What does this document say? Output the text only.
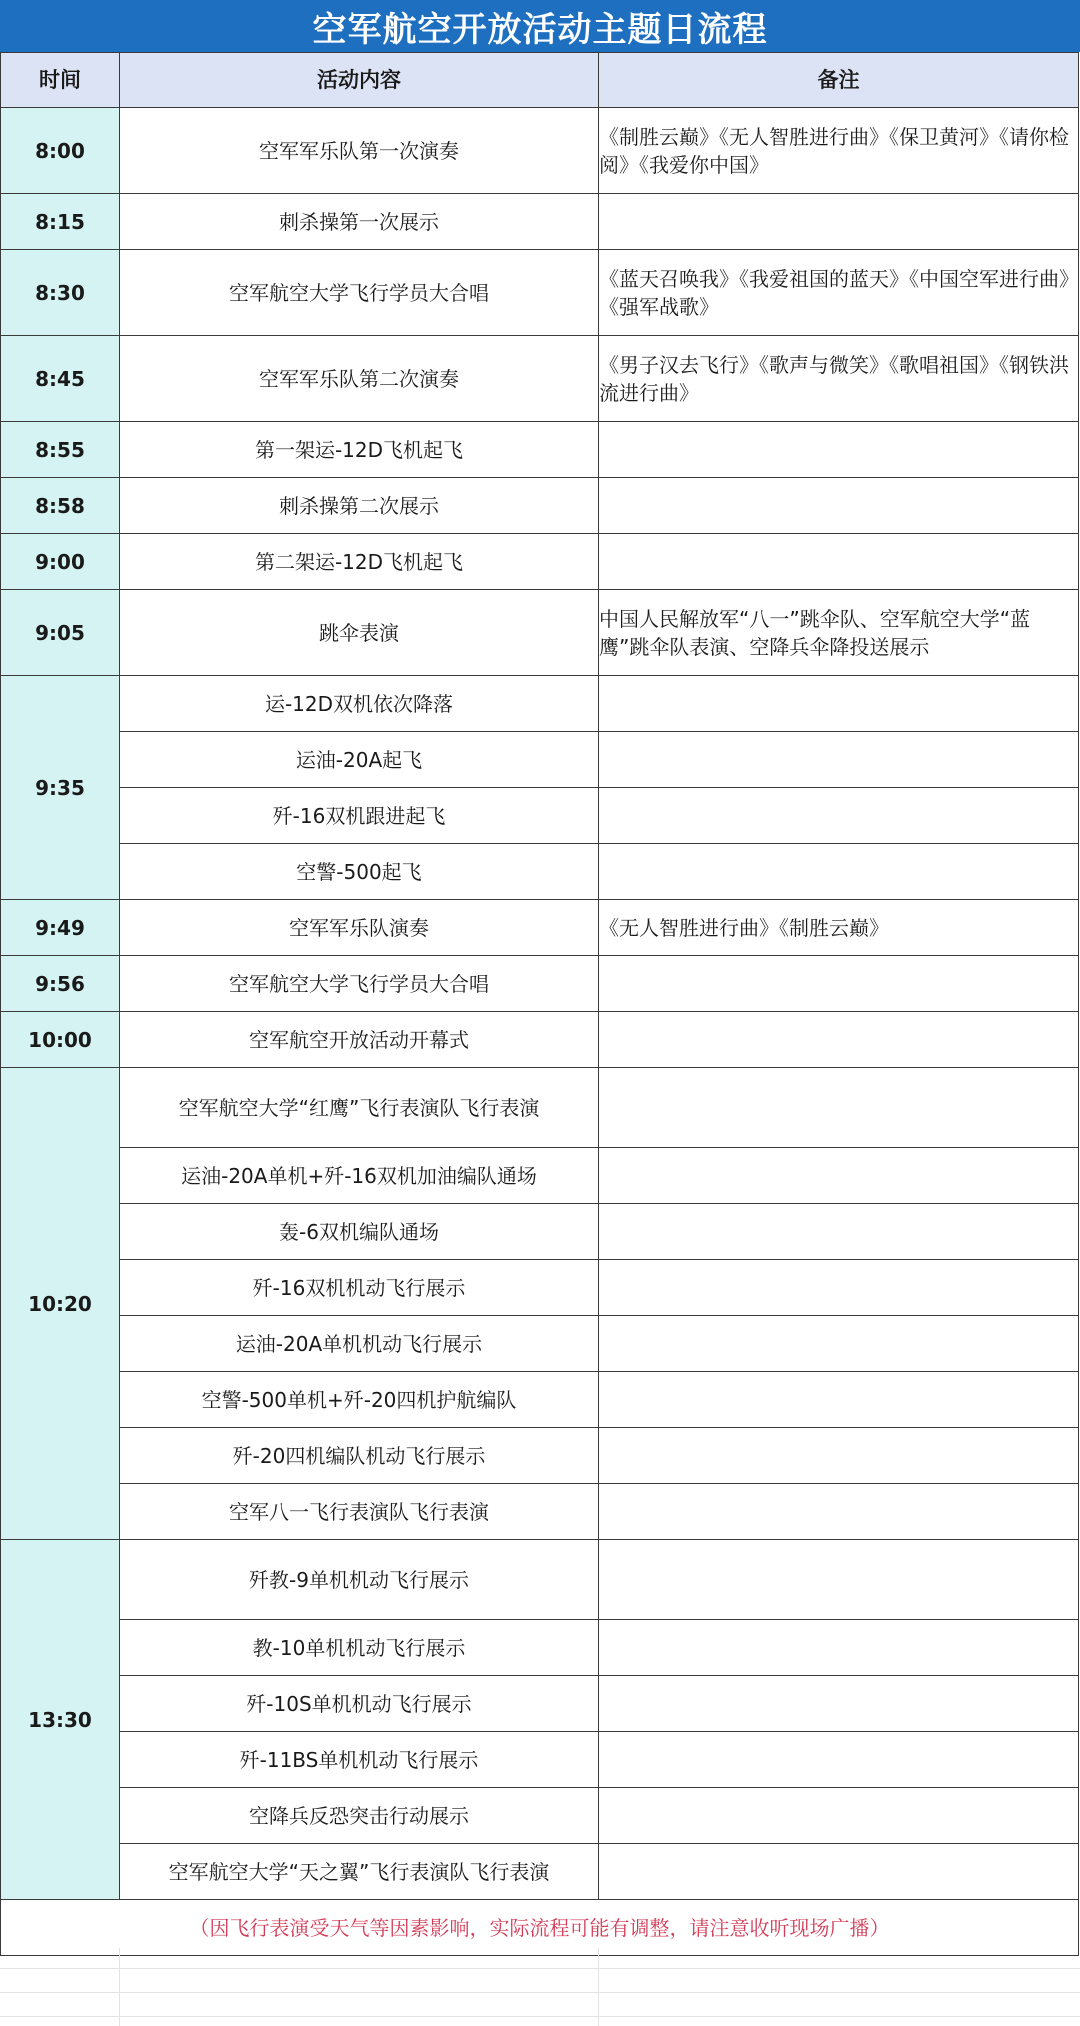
空军航空开放活动主题日流程
时间	活动内容	备注
8:00	空军军乐队第一次演奏	《制胜云巅》《无人智胜进行曲》《保卫黄河》《请你检阅》《我爱你中国》
8:15	刺杀操第一次展示	
8:30	空军航空大学飞行学员大合唱	《蓝天召唤我》《我爱祖国的蓝天》《中国空军进行曲》《强军战歌》
8:45	空军军乐队第二次演奏	《男子汉去飞行》《歌声与微笑》《歌唱祖国》《钢铁洪流进行曲》
8:55	第一架运-12D飞机起飞	
8:58	刺杀操第二次展示	
9:00	第二架运-12D飞机起飞	
9:05	跳伞表演	中国人民解放军“八一”跳伞队、空军航空大学“蓝鹰”跳伞队表演、空降兵伞降投送展示
9:35	运-12D双机依次降落	
	运油-20A起飞	
	歼-16双机跟进起飞	
	空警-500起飞	
9:49	空军军乐队演奏	《无人智胜进行曲》《制胜云巅》
9:56	空军航空大学飞行学员大合唱	
10:00	空军航空开放活动开幕式	
10:20	空军航空大学“红鹰”飞行表演队飞行表演	
	运油-20A单机+歼-16双机加油编队通场	
	轰-6双机编队通场	
	歼-16双机机动飞行展示	
	运油-20A单机机动飞行展示	
	空警-500单机+歼-20四机护航编队	
	歼-20四机编队机动飞行展示	
	空军八一飞行表演队飞行表演	
13:30	歼教-9单机机动飞行展示	
	教-10单机机动飞行展示	
	歼-10S单机机动飞行展示	
	歼-11BS单机机动飞行展示	
	空降兵反恐突击行动展示	
	空军航空大学“天之翼”飞行表演队飞行表演	
（因飞行表演受天气等因素影响，实际流程可能有调整，请注意收听现场广播）		
